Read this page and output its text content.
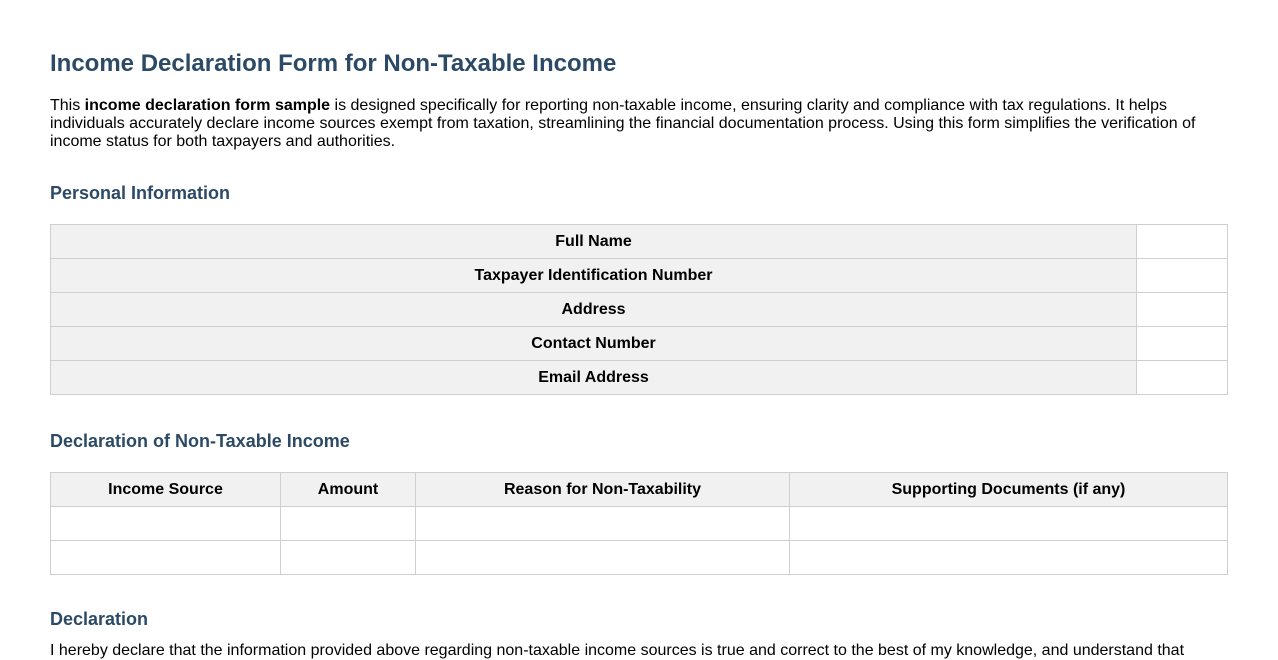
Income Declaration Form for Non-Taxable Income

This income declaration form sample is designed specifically for reporting non-taxable income, ensuring clarity and compliance with tax regulations. It helps individuals accurately declare income sources exempt from taxation, streamlining the financial documentation process. Using this form simplifies the verification of income status for both taxpayers and authorities.

Personal Information
Full Name	
Taxpayer Identification Number	
Address	
Contact Number	
Email Address	
Declaration of Non-Taxable Income
Income Source	Amount	Reason for Non-Taxability	Supporting Documents (if any)

Declaration

I hereby declare that the information provided above regarding non-taxable income sources is true and correct to the best of my knowledge, and understand that
